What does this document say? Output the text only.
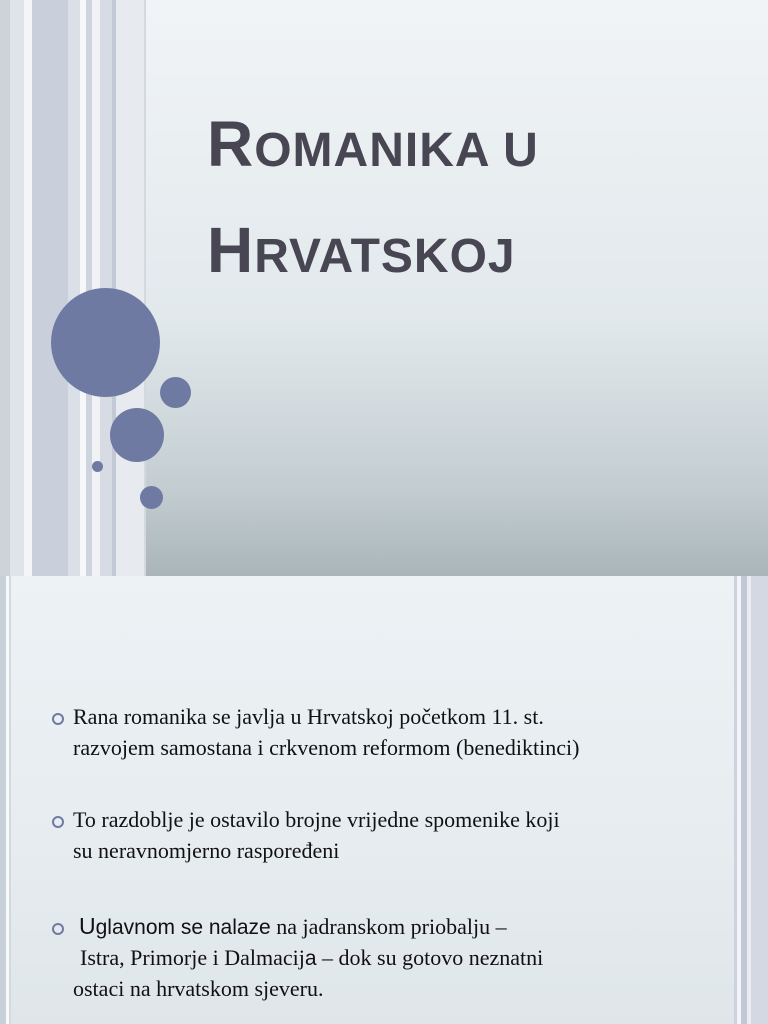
ROMANIKA U
HRVATSKOJ
Rana romanika se javlja u Hrvatskoj početkom 11. st.
razvojem samostana i crkvenom reformom (benediktinci)
To razdoblje je ostavilo brojne vrijedne spomenike koji
su neravnomjerno raspoređeni
Uglavnom se nalaze na jadranskom priobalju –
Istra, Primorje i Dalmacija – dok su gotovo neznatni
ostaci na hrvatskom sjeveru.
